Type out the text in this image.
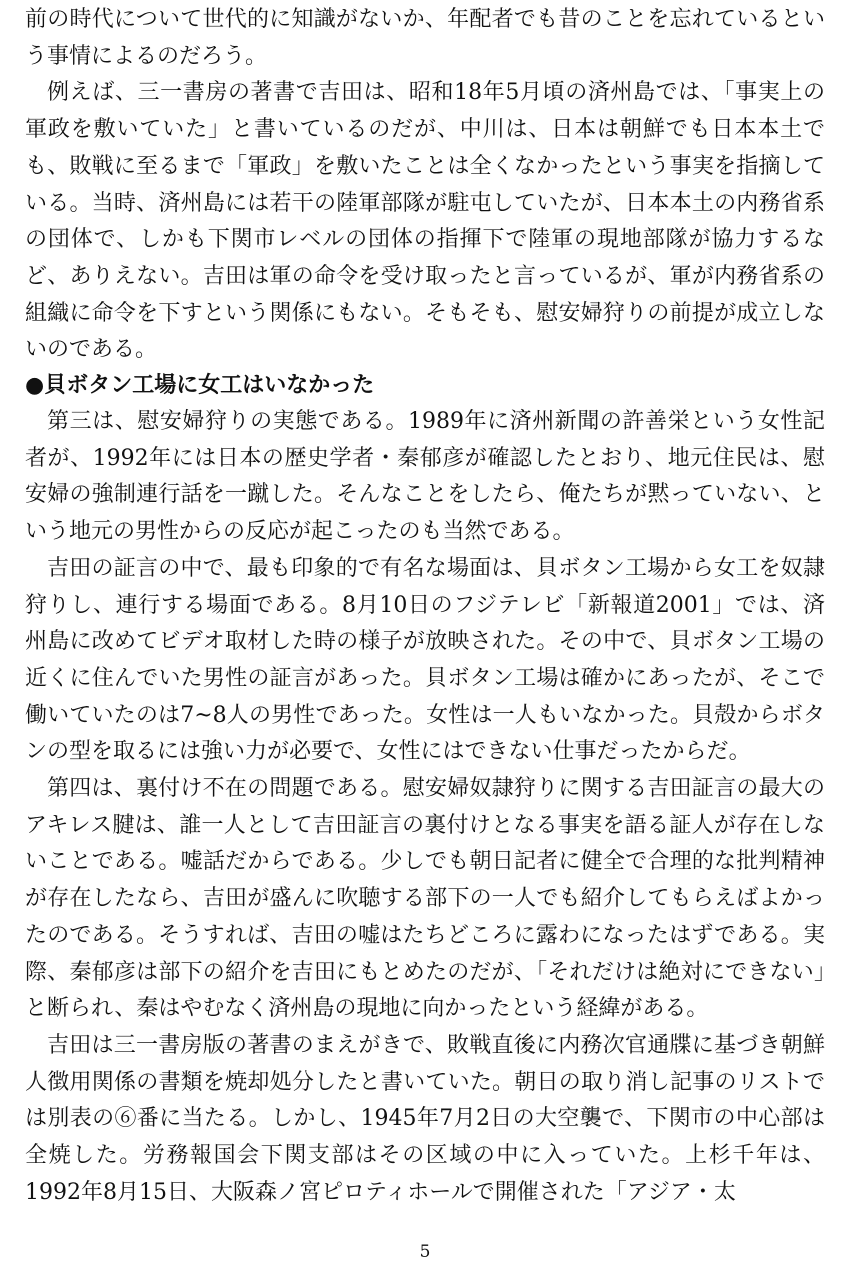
前の時代について世代的に知識がないか、年配者でも昔のことを忘れているという事情によるのだろう。

例えば、三一書房の著書で吉田は、昭和18年5月頃の済州島では、「事実上の軍政を敷いていた」と書いているのだが、中川は、日本は朝鮮でも日本本土でも、敗戦に至るまで「軍政」を敷いたことは全くなかったという事実を指摘している。当時、済州島には若干の陸軍部隊が駐屯していたが、日本本土の内務省系の団体で、しかも下関市レベルの団体の指揮下で陸軍の現地部隊が協力するなど、ありえない。吉田は軍の命令を受け取ったと言っているが、軍が内務省系の組織に命令を下すという関係にもない。そもそも、慰安婦狩りの前提が成立しないのである。

●貝ボタン工場に女工はいなかった

第三は、慰安婦狩りの実態である。1989年に済州新聞の許善栄という女性記者が、1992年には日本の歴史学者・秦郁彦が確認したとおり、地元住民は、慰安婦の強制連行話を一蹴した。そんなことをしたら、俺たちが黙っていない、という地元の男性からの反応が起こったのも当然である。

吉田の証言の中で、最も印象的で有名な場面は、貝ボタン工場から女工を奴隷狩りし、連行する場面である。8月10日のフジテレビ「新報道2001」では、済州島に改めてビデオ取材した時の様子が放映された。その中で、貝ボタン工場の近くに住んでいた男性の証言があった。貝ボタン工場は確かにあったが、そこで働いていたのは7~8人の男性であった。女性は一人もいなかった。貝殻からボタンの型を取るには強い力が必要で、女性にはできない仕事だったからだ。

第四は、裏付け不在の問題である。慰安婦奴隷狩りに関する吉田証言の最大のアキレス腱は、誰一人として吉田証言の裏付けとなる事実を語る証人が存在しないことである。嘘話だからである。少しでも朝日記者に健全で合理的な批判精神が存在したなら、吉田が盛んに吹聴する部下の一人でも紹介してもらえばよかったのである。そうすれば、吉田の嘘はたちどころに露わになったはずである。実際、秦郁彦は部下の紹介を吉田にもとめたのだが、「それだけは絶対にできない」と断られ、秦はやむなく済州島の現地に向かったという経緯がある。

吉田は三一書房版の著書のまえがきで、敗戦直後に内務次官通牒に基づき朝鮮人徴用関係の書類を焼却処分したと書いていた。朝日の取り消し記事のリストでは別表の⑥番に当たる。しかし、1945年7月2日の大空襲で、下関市の中心部は全焼した。労務報国会下関支部はその区域の中に入っていた。上杉千年は、1992年8月15日、大阪森ノ宮ピロティホールで開催された「アジア・太

5
